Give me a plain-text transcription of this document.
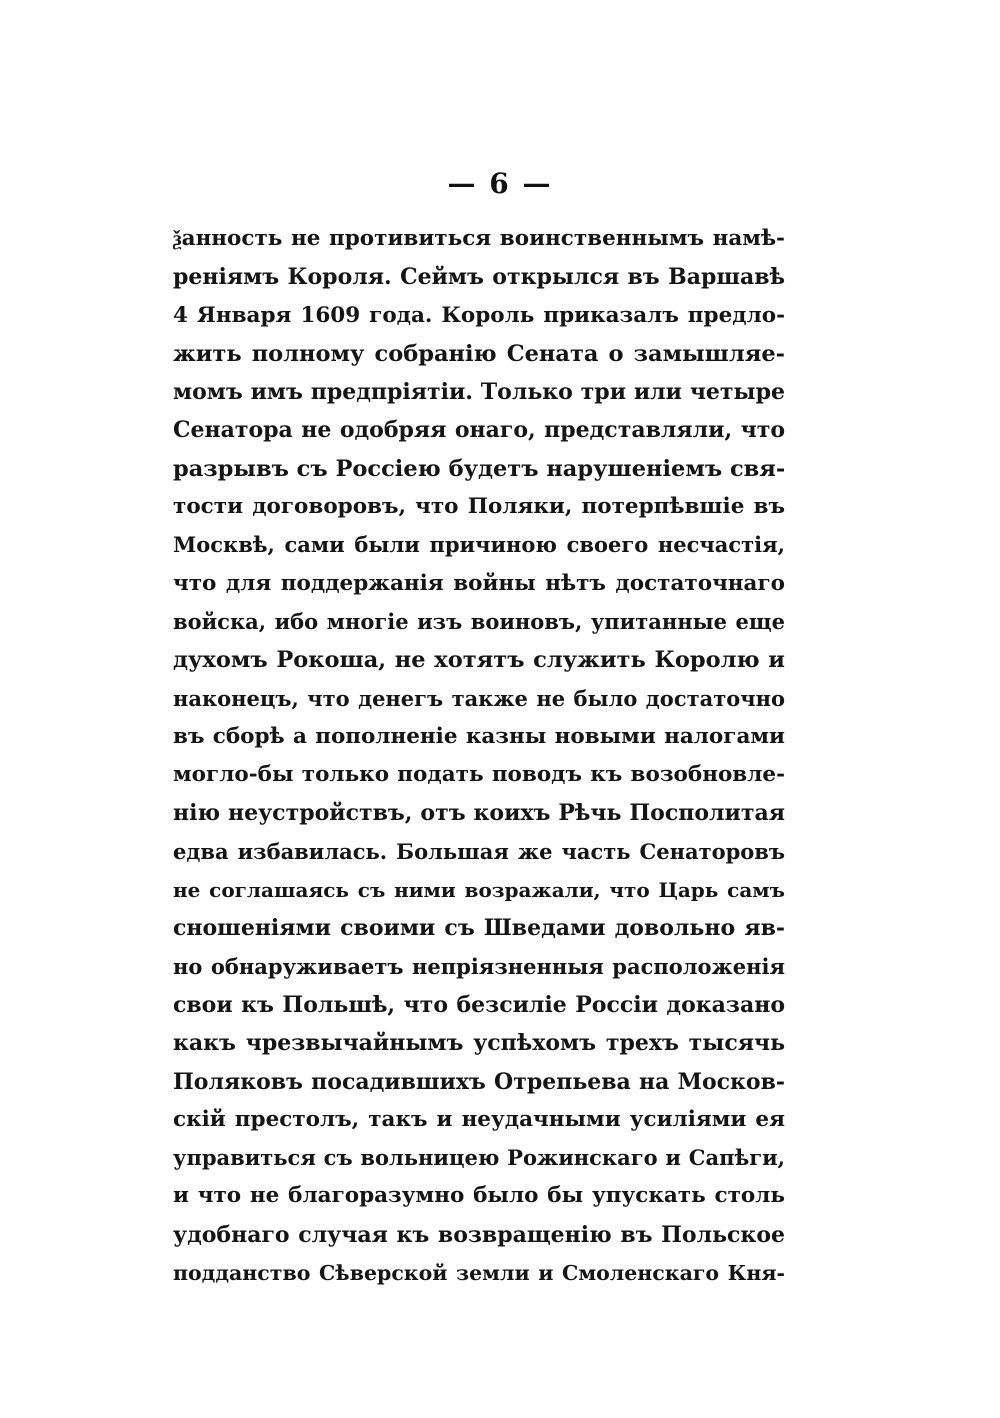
— 6 —
ѯанность не противиться воинственнымъ намѣ-
реніямъ Короля. Сеймъ открылся въ Варшавѣ
4 Января 1609 года. Король приказалъ предло-
жить полному собранію Сената о замышляе-
момъ имъ предпріятіи. Только три или четыре
Сенатора не одобряя онаго, представляли, что
разрывъ съ Россіею будетъ нарушеніемъ свя-
тости договоровъ, что Поляки, потерпѣвшіе въ
Москвѣ, сами были причиною своего несчастія,
что для поддержанія войны нѣтъ достаточнаго
войска, ибо многіе изъ воиновъ, упитанные еще
духомъ Рокоша, не хотятъ служить Королю и
наконецъ, что денегъ также не было достаточно
въ сборѣ а пополненіе казны новыми налогами
могло-бы только подать поводъ къ возобновле-
нію неустройствъ, отъ коихъ Рѣчь Посполитая
едва избавилась. Большая же часть Сенаторовъ
не соглашаясь съ ними возражали, что Царь самъ
сношеніями своими съ Шведами довольно яв-
но обнаруживаетъ непріязненныя расположенія
свои къ Польшѣ, что безсиліе Россіи доказано
какъ чрезвычайнымъ успѣхомъ трехъ тысячь
Поляковъ посадившихъ Отрепьева на Москов-
скій престолъ, такъ и неудачными усиліями ея
управиться съ вольницею Рожинскаго и Сапѣги,
и что не благоразумно было бы упускать столь
удобнаго случая къ возвращенію въ Польское
подданство Сѣверской земли и Смоленскаго Кня-
